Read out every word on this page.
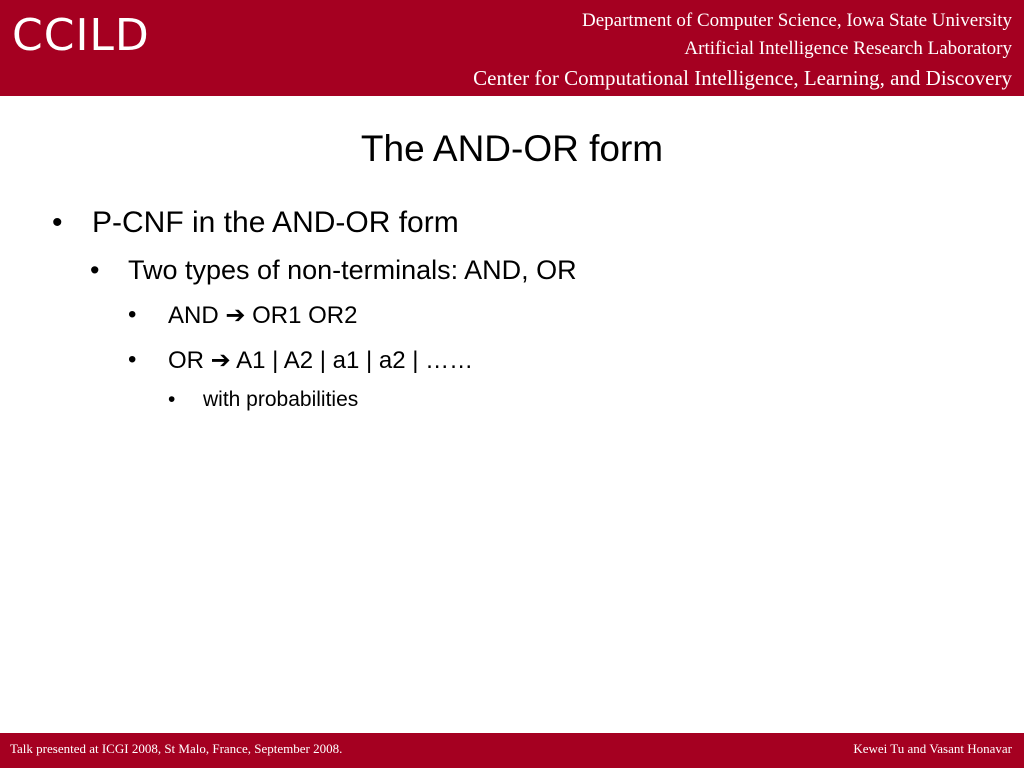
CCILD	Department of Computer Science, Iowa State University
Artificial Intelligence Research Laboratory
Center for Computational Intelligence, Learning, and Discovery
The AND-OR form
• P-CNF in the AND-OR form
• Two types of non-terminals: AND, OR
• AND ➔ OR1 OR2
• OR ➔ A1 | A2 | a1 | a2 | ……
• with probabilities
Talk presented at ICGI 2008, St Malo, France, September 2008.	Kewei Tu and Vasant Honavar
